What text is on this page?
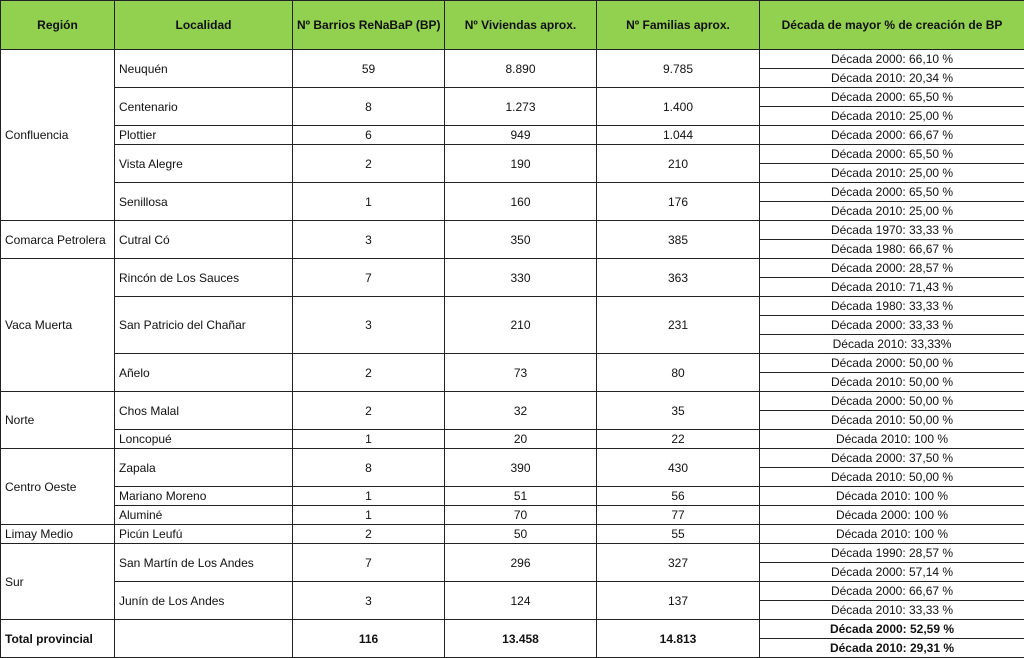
Región	Localidad	Nº Barrios ReNaBaP (BP)	Nº Viviendas aprox.	Nº Familias aprox.	Década de mayor % de creación de BP
Confluencia	Neuquén	59	8.890	9.785	Década 2000: 66,10 %
					Década 2010: 20,34 %
	Centenario	8	1.273	1.400	Década 2000: 65,50 %
					Década 2010: 25,00 %
	Plottier	6	949	1.044	Década 2000: 66,67 %
	Vista Alegre	2	190	210	Década 2000: 65,50 %
					Década 2010: 25,00 %
	Senillosa	1	160	176	Década 2000: 65,50 %
					Década 2010: 25,00 %
Comarca Petrolera	Cutral Có	3	350	385	Década 1970: 33,33 %
					Década 1980: 66,67 %
Vaca Muerta	Rincón de Los Sauces	7	330	363	Década 2000: 28,57 %
					Década 2010: 71,43 %
	San Patricio del Chañar	3	210	231	Década 1980: 33,33 %
					Década 2000: 33,33 %
					Década 2010: 33,33%
	Añelo	2	73	80	Década 2000: 50,00 %
					Década 2010: 50,00 %
Norte	Chos Malal	2	32	35	Década 2000: 50,00 %
					Década 2010: 50,00 %
	Loncopué	1	20	22	Década 2010: 100 %
Centro Oeste	Zapala	8	390	430	Década 2000: 37,50 %
					Década 2010: 50,00 %
	Mariano Moreno	1	51	56	Década 2010: 100 %
	Aluminé	1	70	77	Década 2000: 100 %
Limay Medio	Picún Leufú	2	50	55	Década 2010: 100 %
Sur	San Martín de Los Andes	7	296	327	Década 1990: 28,57 %
					Década 2000: 57,14 %
	Junín de Los Andes	3	124	137	Década 2000: 66,67 %
					Década 2010: 33,33 %
Total provincial		116	13.458	14.813	Década 2000: 52,59 %
					Década 2010: 29,31 %
